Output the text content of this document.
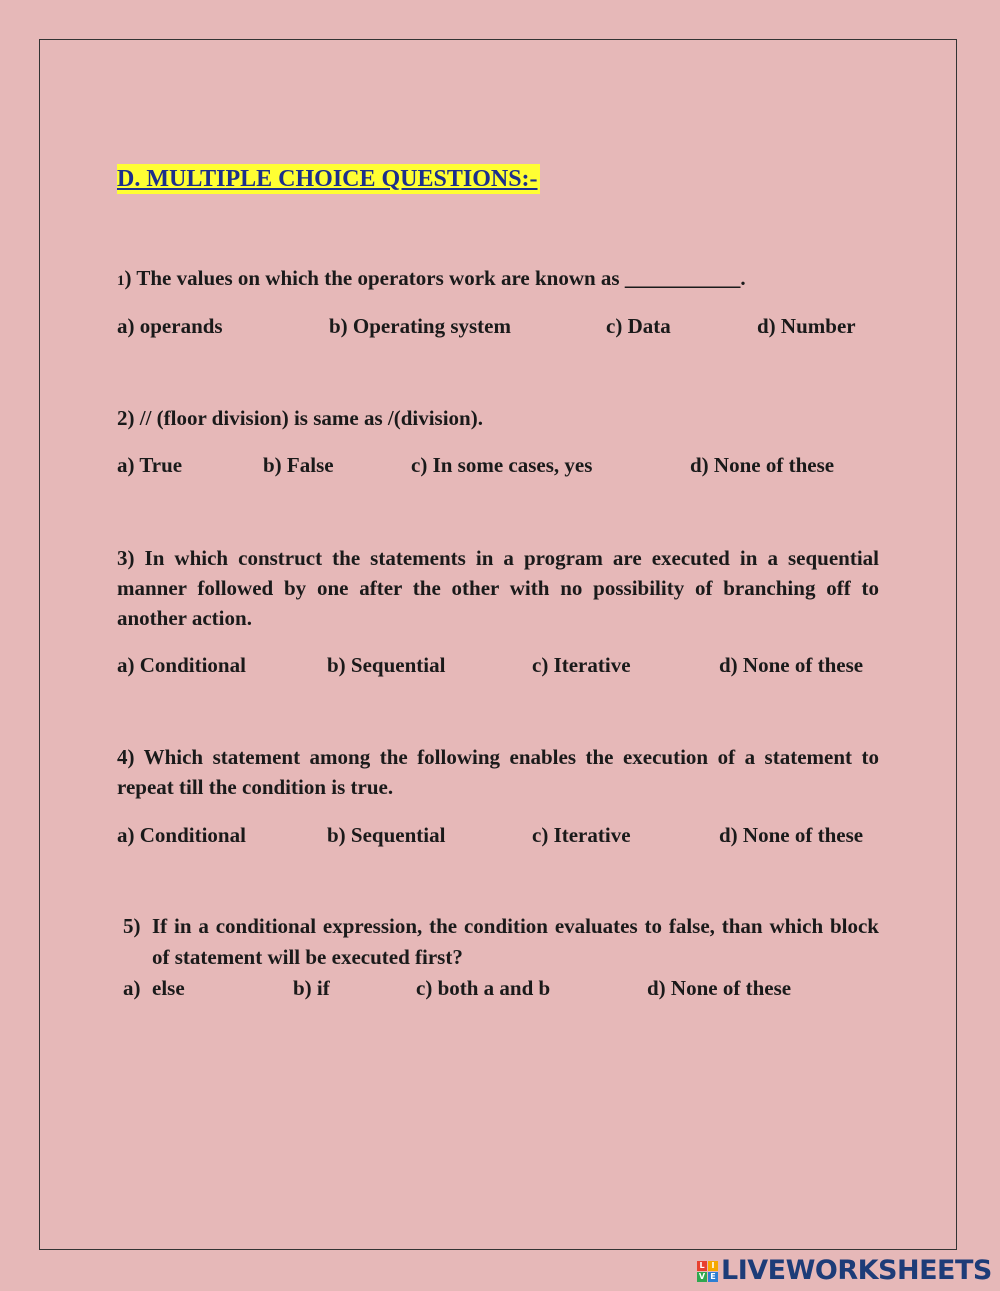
D. MULTIPLE CHOICE QUESTIONS:-
1) The values on which the operators work are known as ___________.
a) operands	b) Operating system	c) Data	d) Number
2) // (floor division) is same as /(division).
a) True	b) False	c) In some cases, yes	d) None of these
3) In which construct the statements in a program are executed in a sequential manner followed by one after the other with no possibility of branching off to another action.
a) Conditional	b) Sequential	c) Iterative	d) None of these
4) Which statement among the following enables the execution of a statement to repeat till the condition is true.
a) Conditional	b) Sequential	c) Iterative	d) None of these
5) If in a conditional expression, the condition evaluates to false, than which block of statement will be executed first?
a) else	b) if	c) both a and b	d) None of these
L I
V E LIVEWORKSHEETS
